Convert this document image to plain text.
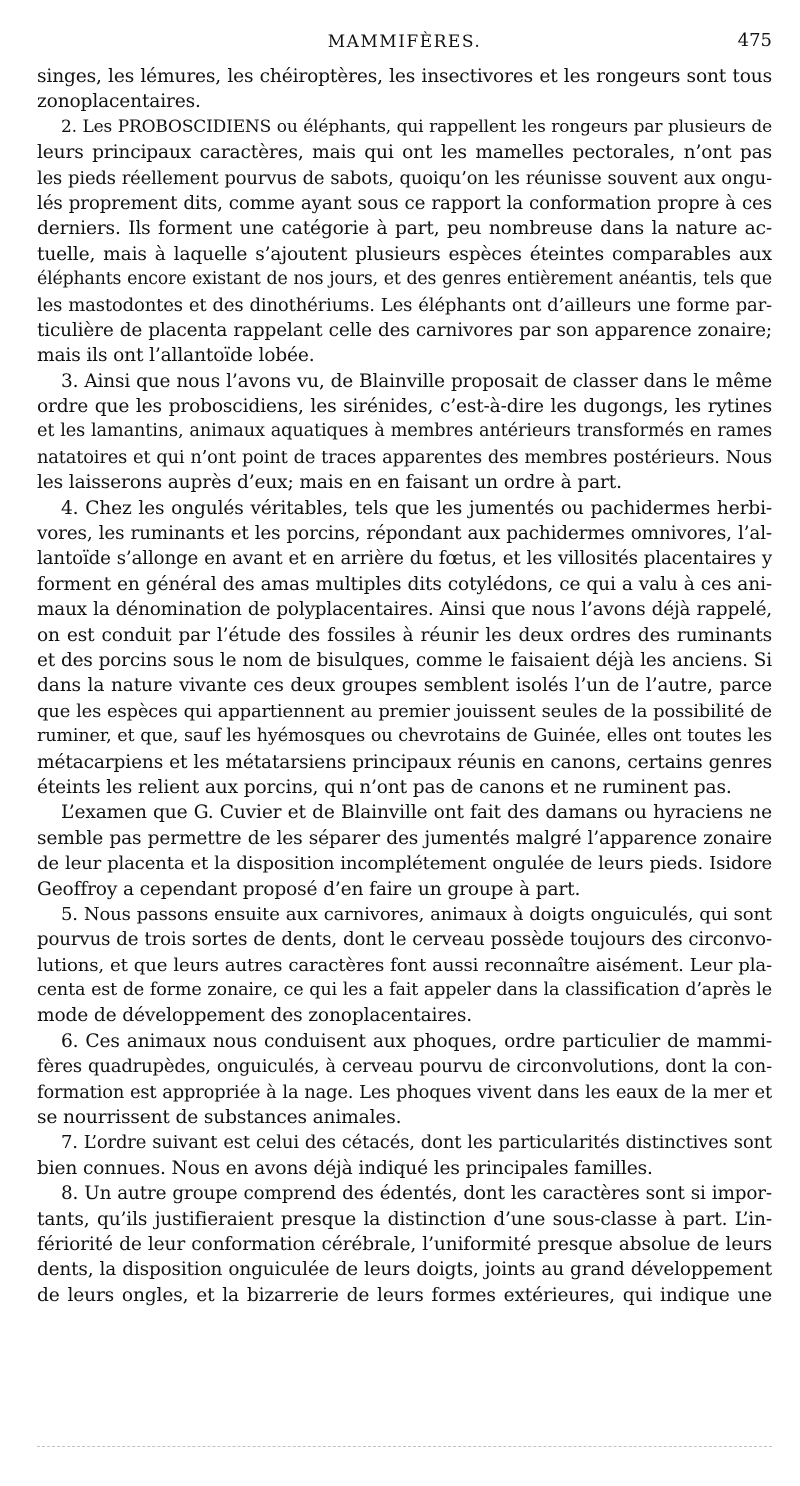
MAMMIFÈRES.	475
singes, les lémures, les chéiroptères, les insectivores et les rongeurs sont tous
zonoplacentaires.
2. Les PROBOSCIDIENS ou éléphants, qui rappellent les rongeurs par plusieurs de
leurs principaux caractères, mais qui ont les mamelles pectorales, n’ont pas
les pieds réellement pourvus de sabots, quoiqu’on les réunisse souvent aux ongu-
lés proprement dits, comme ayant sous ce rapport la conformation propre à ces
derniers. Ils forment une catégorie à part, peu nombreuse dans la nature ac-
tuelle, mais à laquelle s’ajoutent plusieurs espèces éteintes comparables aux
éléphants encore existant de nos jours, et des genres entièrement anéantis, tels que
les mastodontes et des dinothériums. Les éléphants ont d’ailleurs une forme par-
ticulière de placenta rappelant celle des carnivores par son apparence zonaire;
mais ils ont l’allantoïde lobée.
3. Ainsi que nous l’avons vu, de Blainville proposait de classer dans le même
ordre que les proboscidiens, les sirénides, c’est-à-dire les dugongs, les rytines
et les lamantins, animaux aquatiques à membres antérieurs transformés en rames
natatoires et qui n’ont point de traces apparentes des membres postérieurs. Nous
les laisserons auprès d’eux; mais en en faisant un ordre à part.
4. Chez les ongulés véritables, tels que les jumentés ou pachidermes herbi-
vores, les ruminants et les porcins, répondant aux pachidermes omnivores, l’al-
lantoïde s’allonge en avant et en arrière du fœtus, et les villosités placentaires y
forment en général des amas multiples dits cotylédons, ce qui a valu à ces ani-
maux la dénomination de polyplacentaires. Ainsi que nous l’avons déjà rappelé,
on est conduit par l’étude des fossiles à réunir les deux ordres des ruminants
et des porcins sous le nom de bisulques, comme le faisaient déjà les anciens. Si
dans la nature vivante ces deux groupes semblent isolés l’un de l’autre, parce
que les espèces qui appartiennent au premier jouissent seules de la possibilité de
ruminer, et que, sauf les hyémosques ou chevrotains de Guinée, elles ont toutes les
métacarpiens et les métatarsiens principaux réunis en canons, certains genres
éteints les relient aux porcins, qui n’ont pas de canons et ne ruminent pas.
L’examen que G. Cuvier et de Blainville ont fait des damans ou hyraciens ne
semble pas permettre de les séparer des jumentés malgré l’apparence zonaire
de leur placenta et la disposition incomplétement onguléе de leurs pieds. Isidore
Geoffroy a cependant proposé d’en faire un groupe à part.
5. Nous passons ensuite aux carnivores, animaux à doigts onguiculés, qui sont
pourvus de trois sortes de dents, dont le cerveau possède toujours des circonvo-
lutions, et que leurs autres caractères font aussi reconnaître aisément. Leur pla-
centa est de forme zonaire, ce qui les a fait appeler dans la classification d’après le
mode de développement des zonoplacentaires.
6. Ces animaux nous conduisent aux phoques, ordre particulier de mammi-
fères quadrupèdes, onguiculés, à cerveau pourvu de circonvolutions, dont la con-
formation est appropriée à la nage. Les phoques vivent dans les eaux de la mer et
se nourrissent de substances animales.
7. L’ordre suivant est celui des cétacés, dont les particularités distinctives sont
bien connues. Nous en avons déjà indiqué les principales familles.
8. Un autre groupe comprend des édentés, dont les caractères sont si impor-
tants, qu’ils justifieraient presque la distinction d’une sous-classe à part. L’in-
fériorité de leur conformation cérébrale, l’uniformité presque absolue de leurs
dents, la disposition onguiculée de leurs doigts, joints au grand développement
de leurs ongles, et la bizarrerie de leurs formes extérieures, qui indique une
